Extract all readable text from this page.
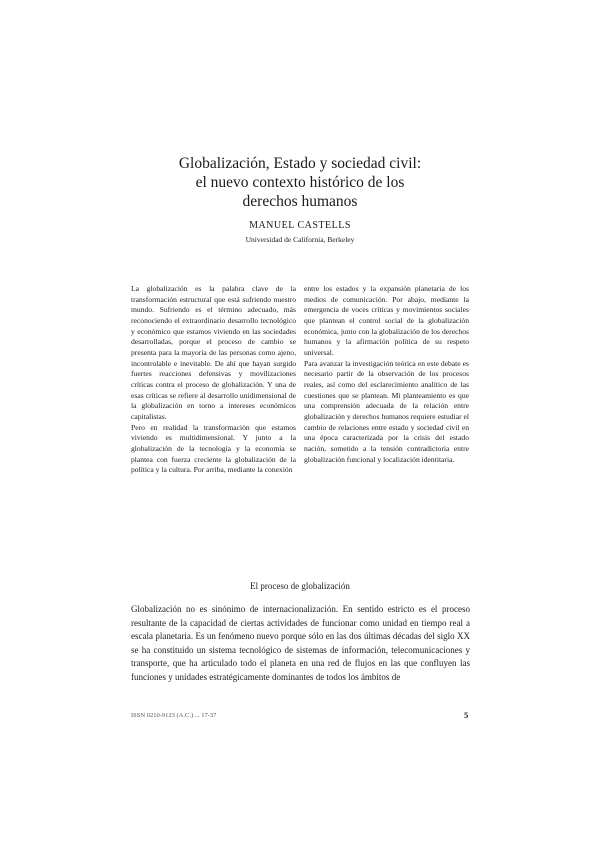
Globalización, Estado y sociedad civil:
el nuevo contexto histórico de los
derechos humanos
MANUEL CASTELLS
Universidad de California, Berkeley

La globalización es la palabra clave de la transformación estructural que está sufriendo nuestro mundo. Sufriendo es el término adecuado, más reconociendo el extraordinario desarrollo tecnológico y económico que estamos viviendo en las sociedades desarrolladas, porque el proceso de cambio se presenta para la mayoría de las personas como ajeno, incontrolable e inevitable. De ahí que hayan surgido fuertes reacciones defensivas y movilizaciones críticas contra el proceso de globalización. Y una de esas críticas se refiere al desarrollo unidimensional de la globalización en torno a intereses económicos capitalistas.

Pero en realidad la transformación que estamos viviendo es multidimensional. Y junto a la globalización de la tecnología y la economía se plantea con fuerza creciente la globalización de la política y la cultura. Por arriba, mediante la conexión

entre los estados y la expansión planetaria de los medios de comunicación. Por abajo, mediante la emergencia de voces críticas y movimientos sociales que plantean el control social de la globalización económica, junto con la globalización de los derechos humanos y la afirmación política de su respeto universal.

Para avanzar la investigación teórica en este debate es necesario partir de la observación de los procesos reales, así como del esclarecimiento analítico de las cuestiones que se plantean. Mi planteamiento es que una comprensión adecuada de la relación entre globalización y derechos humanos requiere estudiar el cambio de relaciones entre estado y sociedad civil en una época caracterizada por la crisis del estado nación, sometido a la tensión contradictoria entre globalización funcional y localización identitaria.

El proceso de globalización

Globalización no es sinónimo de internacionalización. En sentido estricto es el proceso resultante de la capacidad de ciertas actividades de funcionar como unidad en tiempo real a escala planetaria. Es un fenómeno nuevo porque sólo en las dos últimas décadas del siglo XX se ha constituido un sistema tecnológico de sistemas de información, telecomunicaciones y transporte, que ha articulado todo el planeta en una red de flujos en las que confluyen las funciones y unidades estratégicamente dominantes de todos los ámbitos de

ISSN 0210-9123 (A.C.) ... 17-37	5
